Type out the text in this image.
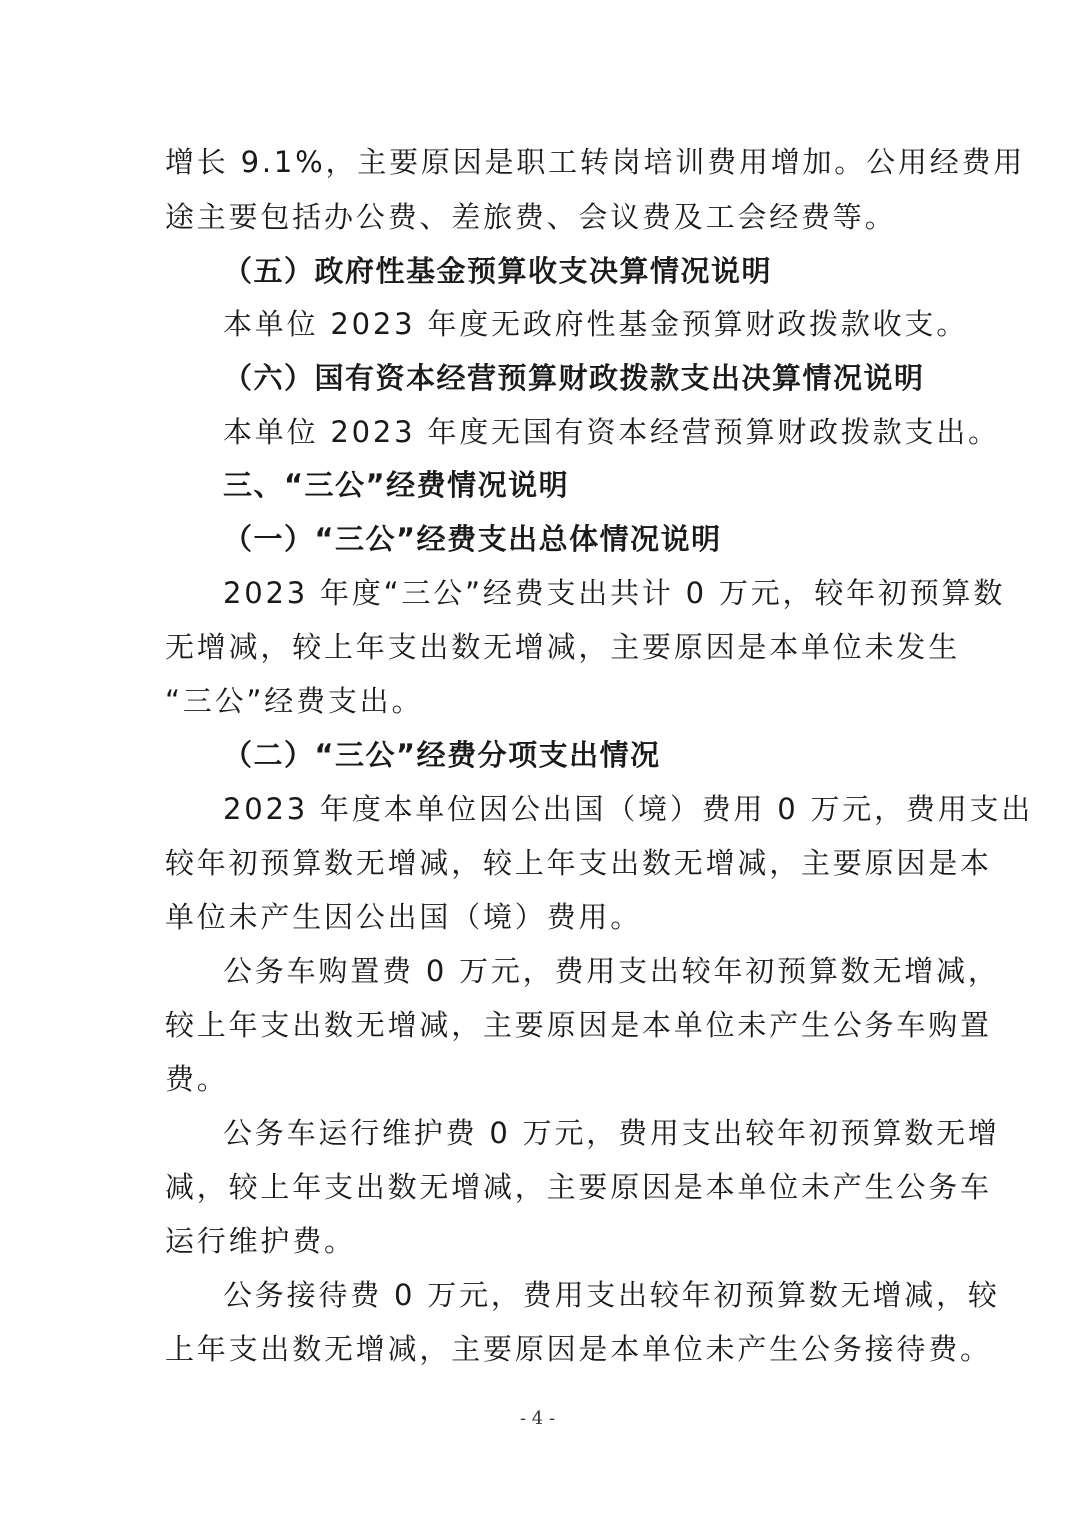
增长 9.1%，主要原因是职工转岗培训费用增加。公用经费用
途主要包括办公费、差旅费、会议费及工会经费等。
（五）政府性基金预算收支决算情况说明
本单位 2023 年度无政府性基金预算财政拨款收支。
（六）国有资本经营预算财政拨款支出决算情况说明
本单位 2023 年度无国有资本经营预算财政拨款支出。
三、“三公”经费情况说明
（一）“三公”经费支出总体情况说明
2023 年度“三公”经费支出共计 0 万元，较年初预算数
无增减，较上年支出数无增减，主要原因是本单位未发生
“三公”经费支出。
（二）“三公”经费分项支出情况
2023 年度本单位因公出国（境）费用 0 万元，费用支出
较年初预算数无增减，较上年支出数无增减，主要原因是本
单位未产生因公出国（境）费用。
公务车购置费 0 万元，费用支出较年初预算数无增减，
较上年支出数无增减，主要原因是本单位未产生公务车购置
费。
公务车运行维护费 0 万元，费用支出较年初预算数无增
减，较上年支出数无增减，主要原因是本单位未产生公务车
运行维护费。
公务接待费 0 万元，费用支出较年初预算数无增减，较
上年支出数无增减，主要原因是本单位未产生公务接待费。
- 4 -
